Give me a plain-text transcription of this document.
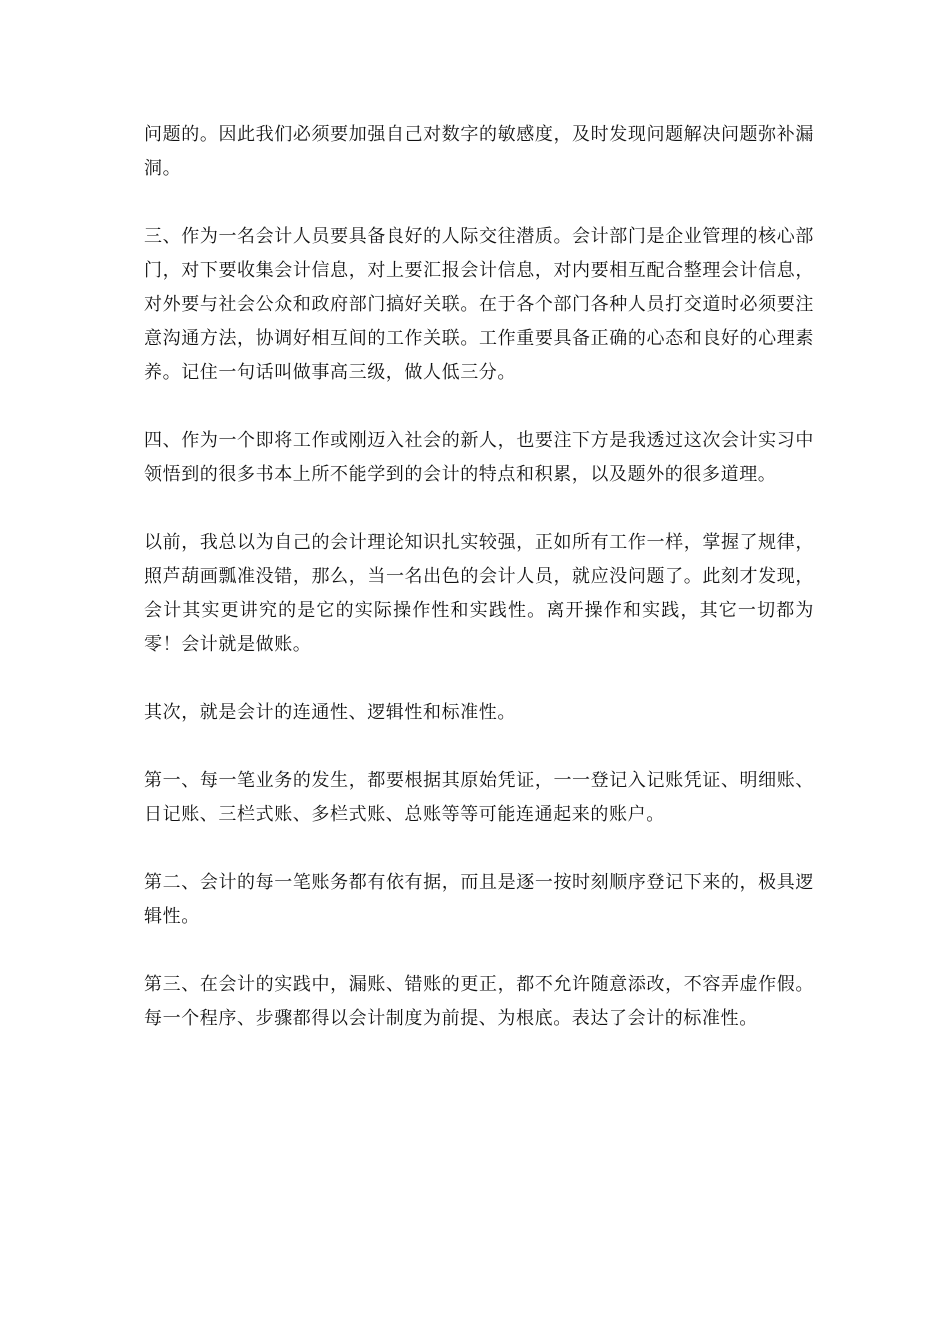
问题的。因此我们必须要加强自己对数字的敏感度，及时发现问题解决问题弥补漏洞。

三、作为一名会计人员要具备良好的人际交往潜质。会计部门是企业管理的核心部门，对下要收集会计信息，对上要汇报会计信息，对内要相互配合整理会计信息，对外要与社会公众和政府部门搞好关联。在于各个部门各种人员打交道时必须要注意沟通方法，协调好相互间的工作关联。工作重要具备正确的心态和良好的心理素养。记住一句话叫做事高三级，做人低三分。

四、作为一个即将工作或刚迈入社会的新人，也要注下方是我透过这次会计实习中领悟到的很多书本上所不能学到的会计的特点和积累，以及题外的很多道理。

以前，我总以为自己的会计理论知识扎实较强，正如所有工作一样，掌握了规律，照芦葫画瓢准没错，那么，当一名出色的会计人员，就应没问题了。此刻才发现，会计其实更讲究的是它的实际操作性和实践性。离开操作和实践，其它一切都为零！会计就是做账。

其次，就是会计的连通性、逻辑性和标准性。

第一、每一笔业务的发生，都要根据其原始凭证，一一登记入记账凭证、明细账、日记账、三栏式账、多栏式账、总账等等可能连通起来的账户。

第二、会计的每一笔账务都有依有据，而且是逐一按时刻顺序登记下来的，极具逻辑性。

第三、在会计的实践中，漏账、错账的更正，都不允许随意添改，不容弄虚作假。每一个程序、步骤都得以会计制度为前提、为根底。表达了会计的标准性。
